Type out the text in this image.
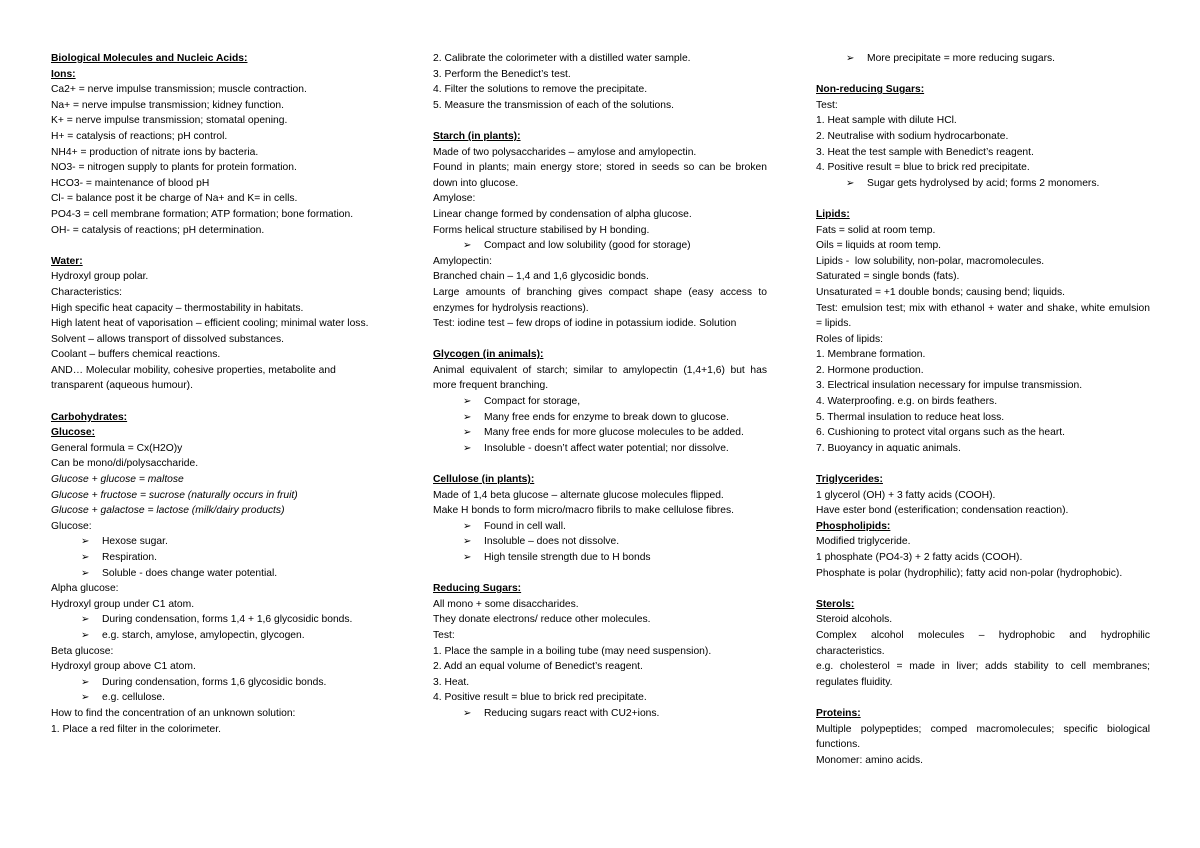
Biological Molecules and Nucleic Acids:
Ions:
Ca2+ = nerve impulse transmission; muscle contraction.
Na+ = nerve impulse transmission; kidney function.
K+ = nerve impulse transmission; stomatal opening.
H+ = catalysis of reactions; pH control.
NH4+ = production of nitrate ions by bacteria.
NO3- = nitrogen supply to plants for protein formation.
HCO3- = maintenance of blood pH
Cl- = balance post it be charge of Na+ and K= in cells.
PO4-3 = cell membrane formation; ATP formation; bone formation.
OH- = catalysis of reactions; pH determination.
Water:
Hydroxyl group polar.
Characteristics:
High specific heat capacity – thermostability in habitats.
High latent heat of vaporisation – efficient cooling; minimal water loss.
Solvent – allows transport of dissolved substances.
Coolant – buffers chemical reactions.
AND… Molecular mobility, cohesive properties, metabolite and transparent (aqueous humour).
Carbohydrates:
Glucose:
General formula = Cx(H2O)y
Can be mono/di/polysaccharide.
Glucose + glucose = maltose
Glucose + fructose = sucrose (naturally occurs in fruit)
Glucose + galactose = lactose (milk/dairy products)
Glucose:
➢	Hexose sugar.
➢	Respiration.
➢	Soluble - does change water potential.
Alpha glucose:
Hydroxyl group under C1 atom.
➢	During condensation, forms 1,4 + 1,6 glycosidic bonds.
➢	e.g. starch, amylose, amylopectin, glycogen.
Beta glucose:
Hydroxyl group above C1 atom.
➢	During condensation, forms 1,6 glycosidic bonds.
➢	e.g. cellulose.
How to find the concentration of an unknown solution:
1. Place a red filter in the colorimeter.
2. Calibrate the colorimeter with a distilled water sample.
3. Perform the Benedict’s test.
4. Filter the solutions to remove the precipitate.
5. Measure the transmission of each of the solutions.
Starch (in plants):
Made of two polysaccharides – amylose and amylopectin.
Found in plants; main energy store; stored in seeds so can be broken down into glucose.
Amylose:
Linear change formed by condensation of alpha glucose.
Forms helical structure stabilised by H bonding.
➢	Compact and low solubility (good for storage)
Amylopectin:
Branched chain – 1,4 and 1,6 glycosidic bonds.
Large amounts of branching gives compact shape (easy access to enzymes for hydrolysis reactions).
Test: iodine test – few drops of iodine in potassium iodide. Solution
Glycogen (in animals):
Animal equivalent of starch; similar to amylopectin (1,4+1,6) but has more frequent branching.
➢	Compact for storage,
➢	Many free ends for enzyme to break down to glucose.
➢	Many free ends for more glucose molecules to be added.
➢	Insoluble - doesn’t affect water potential; nor dissolve.
Cellulose (in plants):
Made of 1,4 beta glucose – alternate glucose molecules flipped.
Make H bonds to form micro/macro fibrils to make cellulose fibres.
➢	Found in cell wall.
➢	Insoluble – does not dissolve.
➢	High tensile strength due to H bonds
Reducing Sugars:
All mono + some disaccharides.
They donate electrons/ reduce other molecules.
Test:
1. Place the sample in a boiling tube (may need suspension).
2. Add an equal volume of Benedict’s reagent.
3. Heat.
4. Positive result = blue to brick red precipitate.
➢	Reducing sugars react with CU2+ions.
➢	More precipitate = more reducing sugars.
Non-reducing Sugars:
Test:
1. Heat sample with dilute HCl.
2. Neutralise with sodium hydrocarbonate.
3. Heat the test sample with Benedict’s reagent.
4. Positive result = blue to brick red precipitate.
➢	Sugar gets hydrolysed by acid; forms 2 monomers.
Lipids:
Fats = solid at room temp.
Oils = liquids at room temp.
Lipids -  low solubility, non-polar, macromolecules.
Saturated = single bonds (fats).
Unsaturated = +1 double bonds; causing bend; liquids.
Test: emulsion test; mix with ethanol + water and shake, white emulsion = lipids.
Roles of lipids:
1. Membrane formation.
2. Hormone production.
3. Electrical insulation necessary for impulse transmission.
4. Waterproofing. e.g. on birds feathers.
5. Thermal insulation to reduce heat loss.
6. Cushioning to protect vital organs such as the heart.
7. Buoyancy in aquatic animals.
Triglycerides:
1 glycerol (OH) + 3 fatty acids (COOH).
Have ester bond (esterification; condensation reaction).
Phospholipids:
Modified triglyceride.
1 phosphate (PO4-3) + 2 fatty acids (COOH).
Phosphate is polar (hydrophilic); fatty acid non-polar (hydrophobic).
Sterols:
Steroid alcohols.
Complex alcohol molecules – hydrophobic and hydrophilic characteristics.
e.g. cholesterol = made in liver; adds stability to cell membranes; regulates fluidity.
Proteins:
Multiple polypeptides; comped macromolecules; specific biological functions.
Monomer: amino acids.
